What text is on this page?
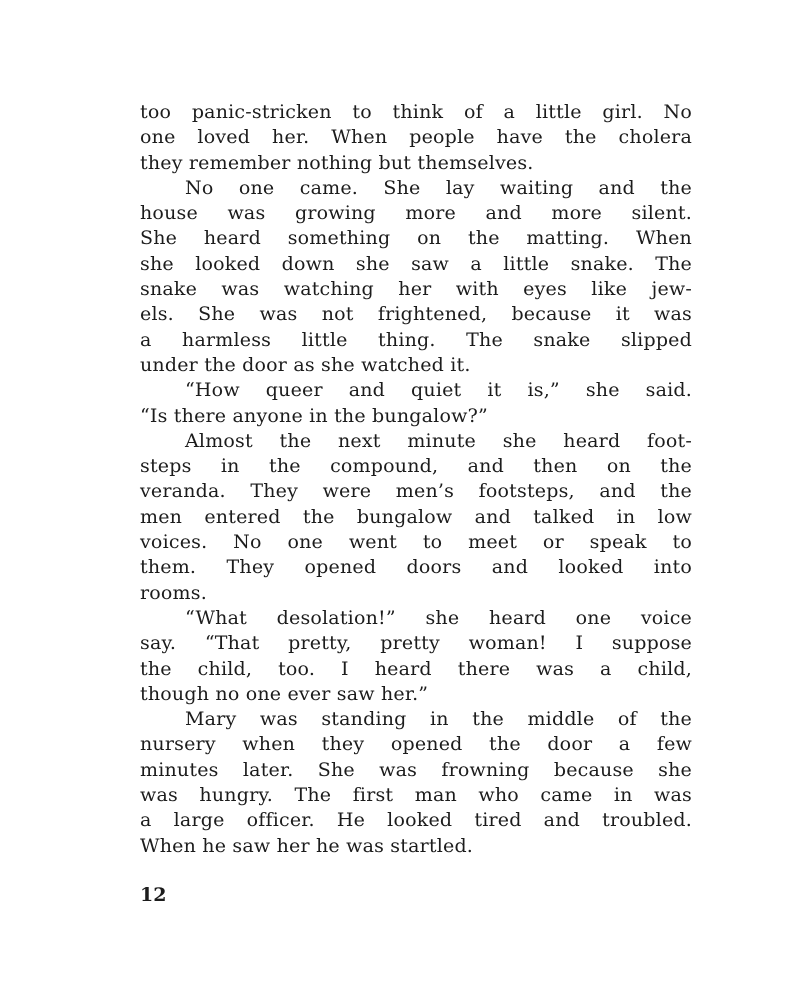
too panic-stricken to think of a little girl. No
one loved her. When people have the cholera
they remember nothing but themselves.
No one came. She lay waiting and the
house was growing more and more silent.
She heard something on the matting. When
she looked down she saw a little snake. The
snake was watching her with eyes like jew-
els. She was not frightened, because it was
a harmless little thing. The snake slipped
under the door as she watched it.
“How queer and quiet it is,” she said.
“Is there anyone in the bungalow?”
Almost the next minute she heard foot-
steps in the compound, and then on the
veranda. They were men’s footsteps, and the
men entered the bungalow and talked in low
voices. No one went to meet or speak to
them. They opened doors and looked into
rooms.
“What desolation!” she heard one voice
say. “That pretty, pretty woman! I suppose
the child, too. I heard there was a child,
though no one ever saw her.”
Mary was standing in the middle of the
nursery when they opened the door a few
minutes later. She was frowning because she
was hungry. The first man who came in was
a large officer. He looked tired and troubled.
When he saw her he was startled.
12
